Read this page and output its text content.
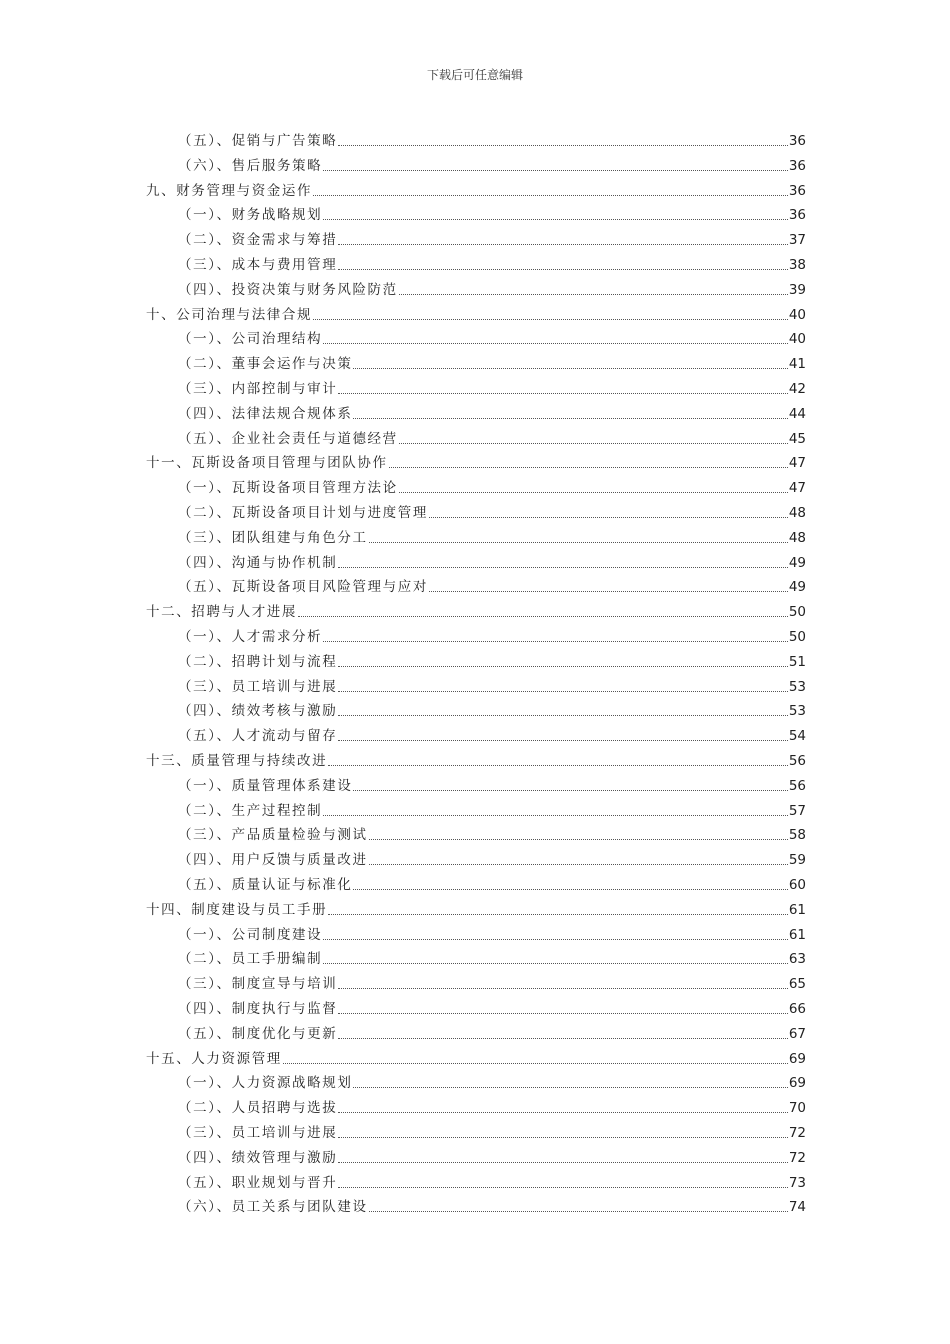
下载后可任意编辑
（五）、促销与广告策略	36
（六）、售后服务策略	36
九、财务管理与资金运作	36
（一）、财务战略规划	36
（二）、资金需求与筹措	37
（三）、成本与费用管理	38
（四）、投资决策与财务风险防范	39
十、公司治理与法律合规	40
（一）、公司治理结构	40
（二）、董事会运作与决策	41
（三）、内部控制与审计	42
（四）、法律法规合规体系	44
（五）、企业社会责任与道德经营	45
十一、瓦斯设备项目管理与团队协作	47
（一）、瓦斯设备项目管理方法论	47
（二）、瓦斯设备项目计划与进度管理	48
（三）、团队组建与角色分工	48
（四）、沟通与协作机制	49
（五）、瓦斯设备项目风险管理与应对	49
十二、招聘与人才进展	50
（一）、人才需求分析	50
（二）、招聘计划与流程	51
（三）、员工培训与进展	53
（四）、绩效考核与激励	53
（五）、人才流动与留存	54
十三、质量管理与持续改进	56
（一）、质量管理体系建设	56
（二）、生产过程控制	57
（三）、产品质量检验与测试	58
（四）、用户反馈与质量改进	59
（五）、质量认证与标准化	60
十四、制度建设与员工手册	61
（一）、公司制度建设	61
（二）、员工手册编制	63
（三）、制度宣导与培训	65
（四）、制度执行与监督	66
（五）、制度优化与更新	67
十五、人力资源管理	69
（一）、人力资源战略规划	69
（二）、人员招聘与选拔	70
（三）、员工培训与进展	72
（四）、绩效管理与激励	72
（五）、职业规划与晋升	73
（六）、员工关系与团队建设	74
